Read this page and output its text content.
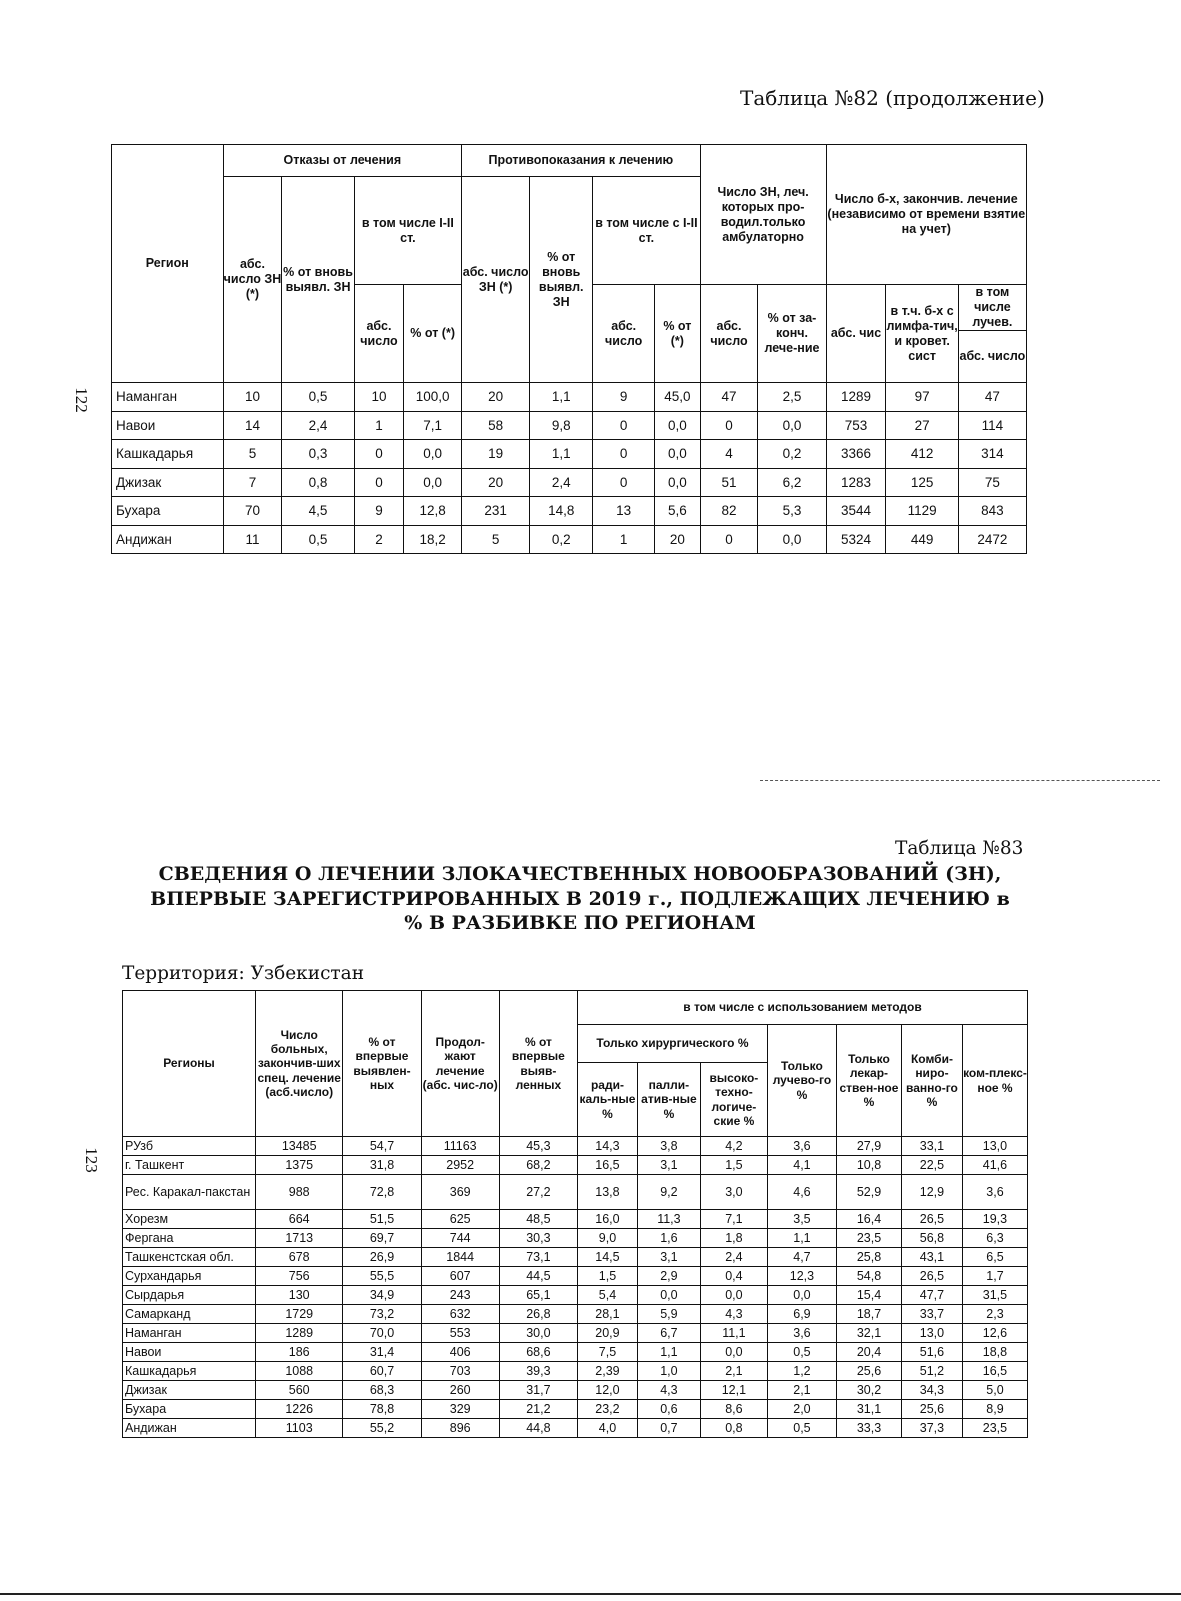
122
123
Таблица №82 (продолжение)
Регион	Отказы от лечения				Противопоказания к лечению				Число ЗН, леч. которых про-водил.только амбулаторно		Число б-х, закончив. лечение (независимо от времени взятие на учет)		
	абс. число ЗН (*)	% от вновь выявл. ЗН	в том числе I-II ст.		абс. число ЗН (*)	% от вновь выявл. ЗН	в том числе с I-II ст.						
			абс. число	% от (*)			абс. число	% от (*)	абс. число	% от за-конч. лече-ние	абс. чис	в т.ч. б-х с лимфа-тич, и кровет. сист	в том числе лучев.
													абс. число
Наманган	10	0,5	10	100,0	20	1,1	9	45,0	47	2,5	1289	97	47
Навои	14	2,4	1	7,1	58	9,8	0	0,0	0	0,0	753	27	114
Кашкадарья	5	0,3	0	0,0	19	1,1	0	0,0	4	0,2	3366	412	314
Джизак	7	0,8	0	0,0	20	2,4	0	0,0	51	6,2	1283	125	75
Бухара	70	4,5	9	12,8	231	14,8	13	5,6	82	5,3	3544	1129	843
Андижан	11	0,5	2	18,2	5	0,2	1	20	0	0,0	5324	449	2472
Таблица №83
СВЕДЕНИЯ О ЛЕЧЕНИИ ЗЛОКАЧЕСТВЕННЫХ НОВООБРАЗОВАНИЙ (ЗН), ВПЕРВЫЕ ЗАРЕГИСТРИРОВАННЫХ В 2019 г., ПОДЛЕЖАЩИХ ЛЕЧЕНИЮ в % В РАЗБИВКЕ ПО РЕГИОНАМ
Территория: Узбекистан
Регионы	Число больных, закончив-ших спец. лечение (асб.число)	% от впервые выявлен-ных	Продол-жают лечение (абс. чис-ло)	% от впервые выяв-ленных	в том числе с использованием методов						
					Только хирургического %			Только лучево-го %	Только лекар-ствен-ное %	Комби-ниро-ванно-го %	ком-плекс-ное %
					ради-каль-ные %	палли-атив-ные %	высоко-техно-логиче-ские %				
РУзб	13485	54,7	11163	45,3	14,3	3,8	4,2	3,6	27,9	33,1	13,0
г. Ташкент	1375	31,8	2952	68,2	16,5	3,1	1,5	4,1	10,8	22,5	41,6
Рес. Каракал-пакстан	988	72,8	369	27,2	13,8	9,2	3,0	4,6	52,9	12,9	3,6
Хорезм	664	51,5	625	48,5	16,0	11,3	7,1	3,5	16,4	26,5	19,3
Фергана	1713	69,7	744	30,3	9,0	1,6	1,8	1,1	23,5	56,8	6,3
Ташкенстская обл.	678	26,9	1844	73,1	14,5	3,1	2,4	4,7	25,8	43,1	6,5
Сурхандарья	756	55,5	607	44,5	1,5	2,9	0,4	12,3	54,8	26,5	1,7
Сырдарья	130	34,9	243	65,1	5,4	0,0	0,0	0,0	15,4	47,7	31,5
Самарканд	1729	73,2	632	26,8	28,1	5,9	4,3	6,9	18,7	33,7	2,3
Наманган	1289	70,0	553	30,0	20,9	6,7	11,1	3,6	32,1	13,0	12,6
Навои	186	31,4	406	68,6	7,5	1,1	0,0	0,5	20,4	51,6	18,8
Кашкадарья	1088	60,7	703	39,3	2,39	1,0	2,1	1,2	25,6	51,2	16,5
Джизак	560	68,3	260	31,7	12,0	4,3	12,1	2,1	30,2	34,3	5,0
Бухара	1226	78,8	329	21,2	23,2	0,6	8,6	2,0	31,1	25,6	8,9
Андижан	1103	55,2	896	44,8	4,0	0,7	0,8	0,5	33,3	37,3	23,5
